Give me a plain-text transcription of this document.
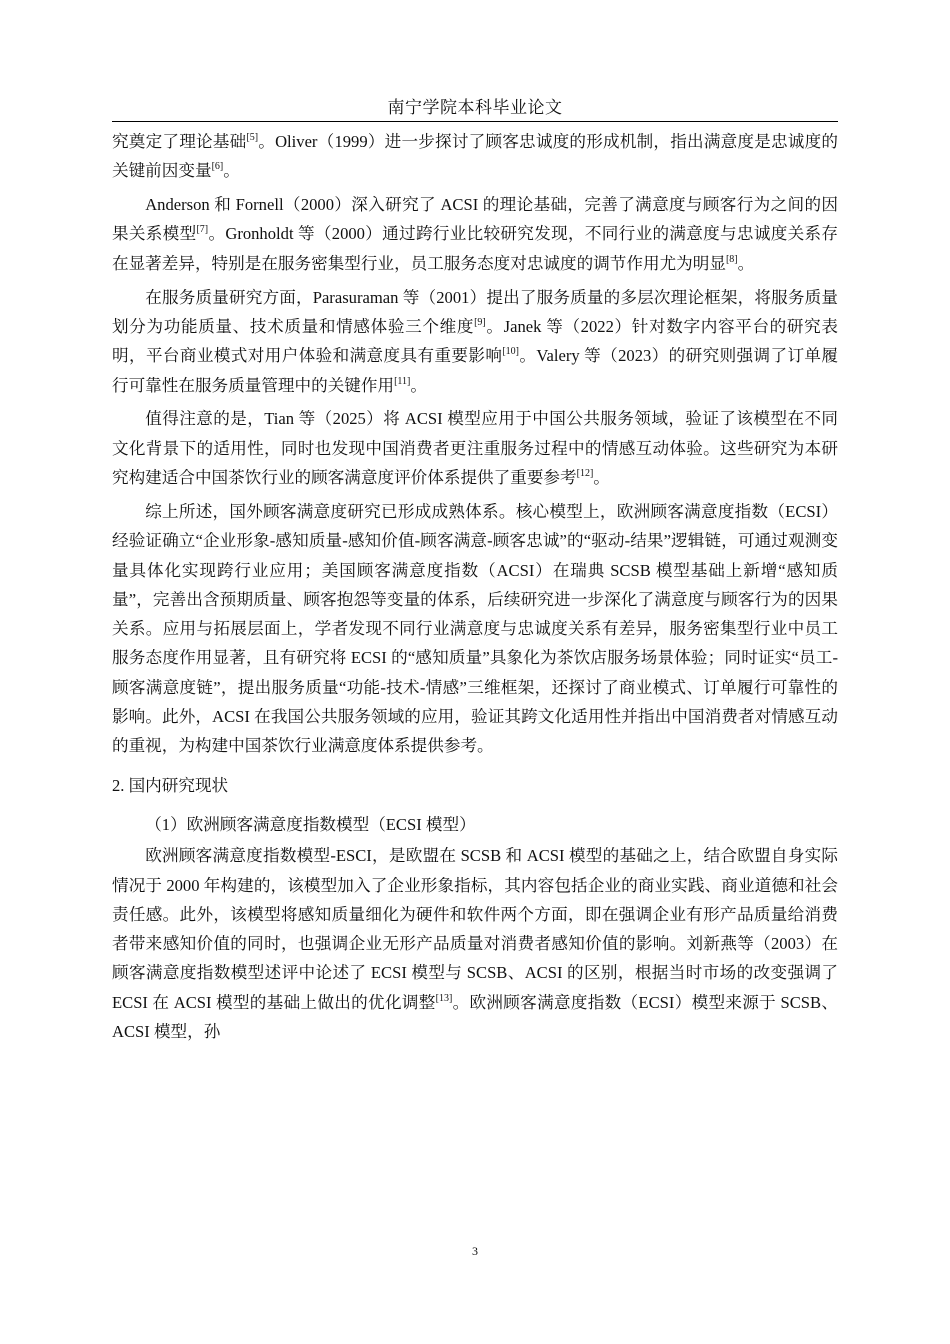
南宁学院本科毕业论文

究奠定了理论基础[5]。Oliver（1999）进一步探讨了顾客忠诚度的形成机制，指出满意度是忠诚度的关键前因变量[6]。

Anderson 和 Fornell（2000）深入研究了 ACSI 的理论基础，完善了满意度与顾客行为之间的因果关系模型[7]。Gronholdt 等（2000）通过跨行业比较研究发现，不同行业的满意度与忠诚度关系存在显著差异，特别是在服务密集型行业，员工服务态度对忠诚度的调节作用尤为明显[8]。

在服务质量研究方面，Parasuraman 等（2001）提出了服务质量的多层次理论框架，将服务质量划分为功能质量、技术质量和情感体验三个维度[9]。Janek 等（2022）针对数字内容平台的研究表明，平台商业模式对用户体验和满意度具有重要影响[10]。Valery 等（2023）的研究则强调了订单履行可靠性在服务质量管理中的关键作用[11]。

值得注意的是，Tian 等（2025）将 ACSI 模型应用于中国公共服务领域，验证了该模型在不同文化背景下的适用性，同时也发现中国消费者更注重服务过程中的情感互动体验。这些研究为本研究构建适合中国茶饮行业的顾客满意度评价体系提供了重要参考[12]。

综上所述，国外顾客满意度研究已形成成熟体系。核心模型上，欧洲顾客满意度指数（ECSI）经验证确立“企业形象-感知质量-感知价值-顾客满意-顾客忠诚”的“驱动-结果”逻辑链，可通过观测变量具体化实现跨行业应用；美国顾客满意度指数（ACSI）在瑞典 SCSB 模型基础上新增“感知质量”，完善出含预期质量、顾客抱怨等变量的体系，后续研究进一步深化了满意度与顾客行为的因果关系。应用与拓展层面上，学者发现不同行业满意度与忠诚度关系有差异，服务密集型行业中员工服务态度作用显著，且有研究将 ECSI 的“感知质量”具象化为茶饮店服务场景体验；同时证实“员工-顾客满意度链”，提出服务质量“功能-技术-情感”三维框架，还探讨了商业模式、订单履行可靠性的影响。此外，ACSI 在我国公共服务领域的应用，验证其跨文化适用性并指出中国消费者对情感互动的重视，为构建中国茶饮行业满意度体系提供参考。

2. 国内研究现状

（1）欧洲顾客满意度指数模型（ECSI 模型）

欧洲顾客满意度指数模型-ESCI，是欧盟在 SCSB 和 ACSI 模型的基础之上，结合欧盟自身实际情况于 2000 年构建的，该模型加入了企业形象指标，其内容包括企业的商业实践、商业道德和社会责任感。此外，该模型将感知质量细化为硬件和软件两个方面，即在强调企业有形产品质量给消费者带来感知价值的同时，也强调企业无形产品质量对消费者感知价值的影响。刘新燕等（2003）在顾客满意度指数模型述评中论述了 ECSI 模型与 SCSB、ACSI 的区别，根据当时市场的改变强调了 ECSI 在 ACSI 模型的基础上做出的优化调整[13]。欧洲顾客满意度指数（ECSI）模型来源于 SCSB、ACSI 模型，孙

3
